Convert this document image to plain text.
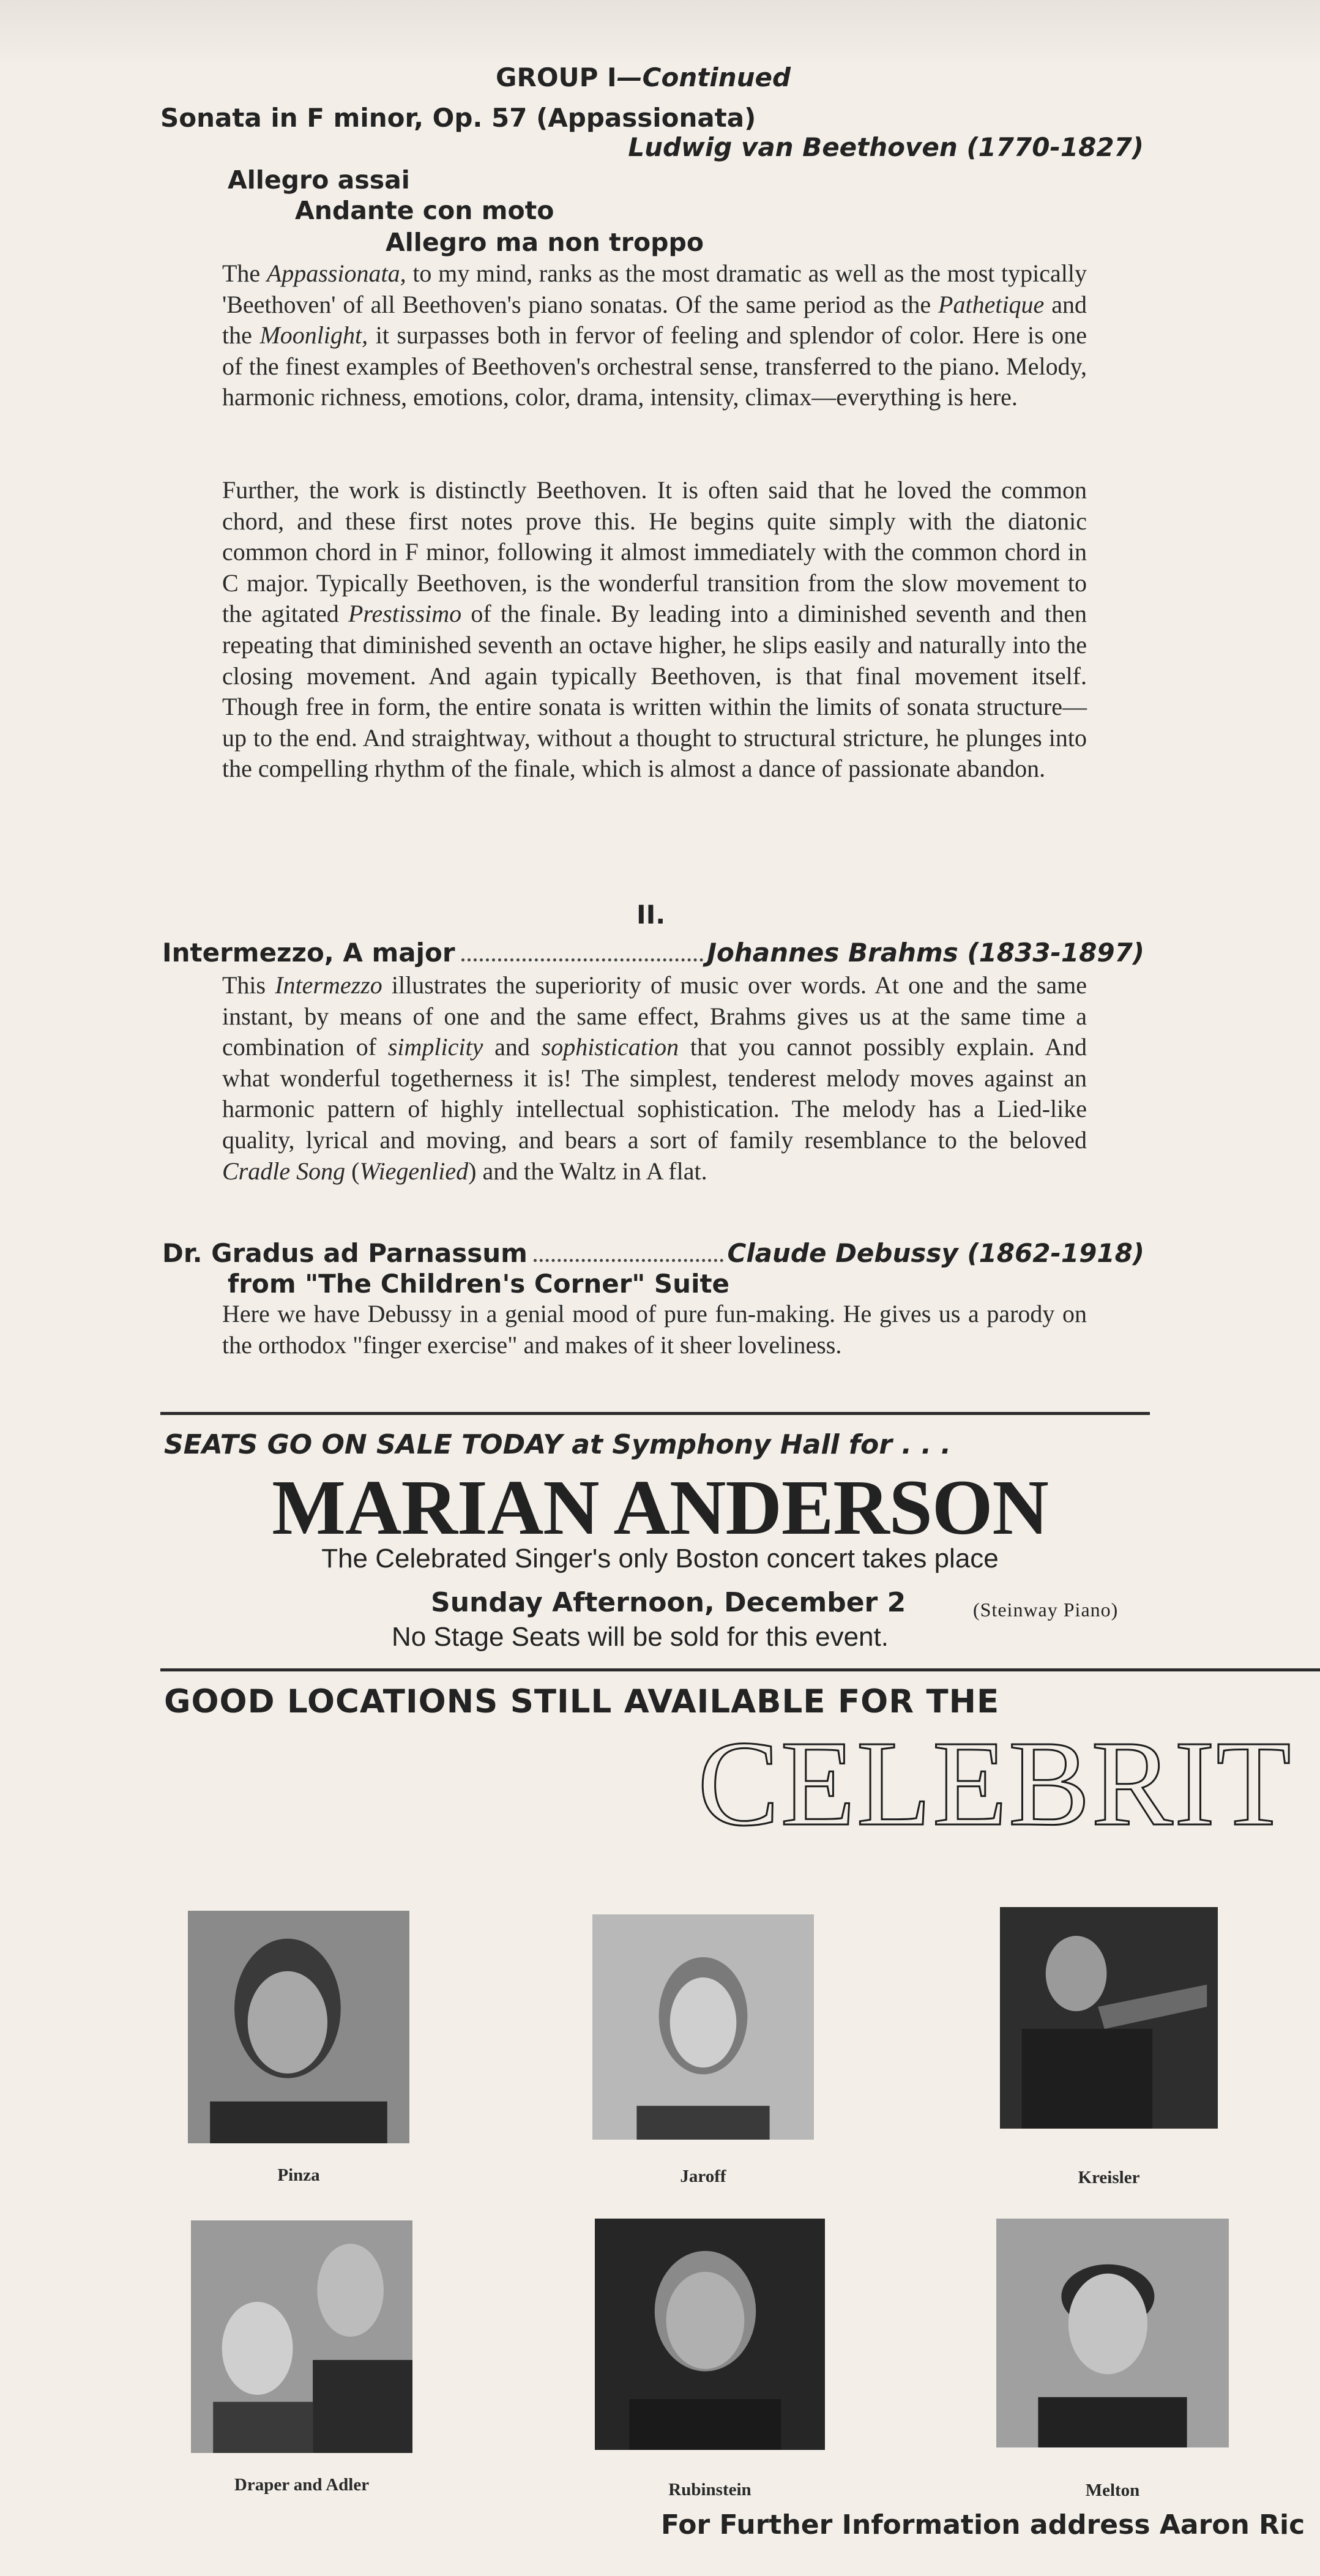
GROUP I—Continued
Sonata in F minor, Op. 57 (Appassionata)
Ludwig van Beethoven (1770-1827)
Allegro assai
Andante con moto
Allegro ma non troppo

The Appassionata, to my mind, ranks as the most dramatic as well as the most typically 'Beethoven' of all Beethoven's piano sonatas. Of the same period as the Pathetique and the Moonlight, it surpasses both in fervor of feeling and splendor of color. Here is one of the finest examples of Beethoven's orchestral sense, transferred to the piano. Melody, harmonic richness, emotions, color, drama, intensity, climax—everything is here.

Further, the work is distinctly Beethoven. It is often said that he loved the common chord, and these first notes prove this. He begins quite simply with the diatonic common chord in F minor, following it almost immediately with the common chord in C major. Typically Beethoven, is the wonderful transition from the slow movement to the agitated Prestissimo of the finale. By leading into a diminished seventh and then repeating that diminished seventh an octave higher, he slips easily and naturally into the closing movement. And again typically Beethoven, is that final movement itself. Though free in form, the entire sonata is written within the limits of sonata structure—up to the end. And straightway, without a thought to structural stricture, he plunges into the compelling rhythm of the finale, which is almost a dance of passionate abandon.

II.
Intermezzo, A major	Johannes Brahms (1833-1897)

This Intermezzo illustrates the superiority of music over words. At one and the same instant, by means of one and the same effect, Brahms gives us at the same time a combination of simplicity and sophistication that you cannot possibly explain. And what wonderful togetherness it is! The simplest, tenderest melody moves against an harmonic pattern of highly intellectual sophistication. The melody has a Lied-like quality, lyrical and moving, and bears a sort of family resemblance to the beloved Cradle Song (Wiegenlied) and the Waltz in A flat.

Dr. Gradus ad Parnassum	Claude Debussy (1862-1918)
from "The Children's Corner" Suite

Here we have Debussy in a genial mood of pure fun-making. He gives us a parody on the orthodox "finger exercise" and makes of it sheer loveliness.

SEATS GO ON SALE TODAY at Symphony Hall for . . .
MARIAN ANDERSON
The Celebrated Singer's only Boston concert takes place
Sunday Afternoon, December 2	(Steinway Piano)
No Stage Seats will be sold for this event.
GOOD LOCATIONS STILL AVAILABLE FOR THE
CELEBRIT
Pinza	Jaroff	Kreisler
Draper and Adler	Rubinstein	Melton
For Further Information address Aaron Ric
